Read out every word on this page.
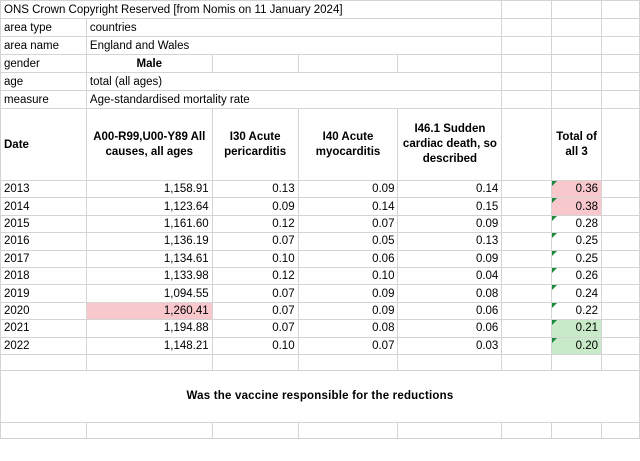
ONS Crown Copyright Reserved [from Nomis on 11 January 2024]							
area type	countries						
area name	England and Wales						
gender	Male						
age	total (all ages)						
measure	Age-standardised mortality rate						
Date	A00-R99,U00-Y89 All causes, all ages	I30 Acute pericarditis	I40 Acute myocarditis	I46.1 Sudden cardiac death, so described		Total of all 3	
2013	1,158.91	0.13	0.09	0.14		0.36	
2014	1,123.64	0.09	0.14	0.15		0.38	
2015	1,161.60	0.12	0.07	0.09		0.28	
2016	1,136.19	0.07	0.05	0.13		0.25	
2017	1,134.61	0.10	0.06	0.09		0.25	
2018	1,133.98	0.12	0.10	0.04		0.26	
2019	1,094.55	0.07	0.09	0.08		0.24	
2020	1,260.41	0.07	0.09	0.06		0.22	
2021	1,194.88	0.07	0.08	0.06		0.21	
2022	1,148.21	0.10	0.07	0.03		0.20	

Was the vaccine responsible for the reductions							
